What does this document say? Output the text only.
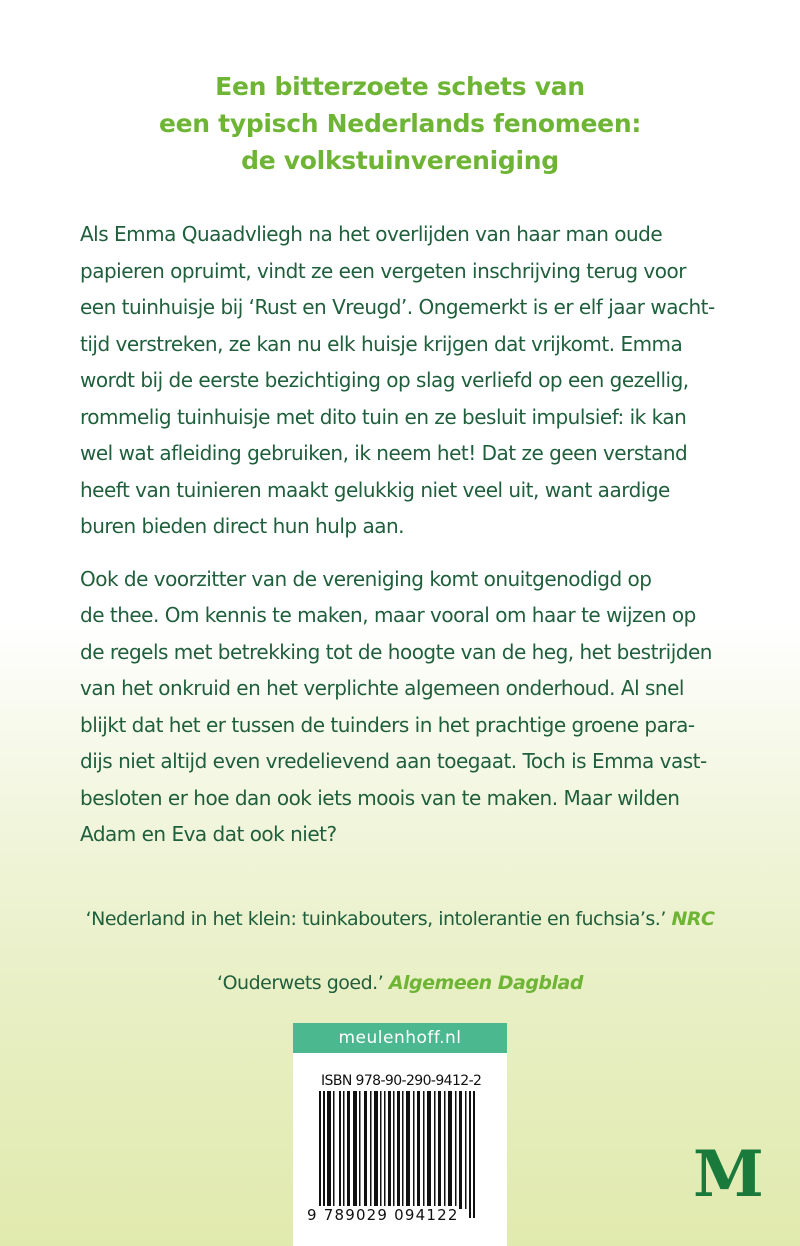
Een bitterzoete schets van
een typisch Nederlands fenomeen:
de volkstuinvereniging
Als Emma Quaadvliegh na het overlijden van haar man oude
papieren opruimt, vindt ze een vergeten inschrijving terug voor
een tuinhuisje bij ‘Rust en Vreugd’. Ongemerkt is er elf jaar wacht-
tijd verstreken, ze kan nu elk huisje krijgen dat vrijkomt. Emma
wordt bij de eerste bezichtiging op slag verliefd op een gezellig,
rommelig tuinhuisje met dito tuin en ze besluit impulsief: ik kan
wel wat afleiding gebruiken, ik neem het! Dat ze geen verstand
heeft van tuinieren maakt gelukkig niet veel uit, want aardige
buren bieden direct hun hulp aan.
Ook de voorzitter van de vereniging komt onuitgenodigd op
de thee. Om kennis te maken, maar vooral om haar te wijzen op
de regels met betrekking tot de hoogte van de heg, het bestrijden
van het onkruid en het verplichte algemeen onderhoud. Al snel
blijkt dat het er tussen de tuinders in het prachtige groene para-
dijs niet altijd even vredelievend aan toegaat. Toch is Emma vast-
besloten er hoe dan ook iets moois van te maken. Maar wilden
Adam en Eva dat ook niet?
‘Nederland in het klein: tuinkabouters, intolerantie en fuchsia’s.’ NRC
‘Ouderwets goed.’ Algemeen Dagblad
meulenhoff.nl
ISBN 978-90-290-9412-2
9 789029 094122
M
